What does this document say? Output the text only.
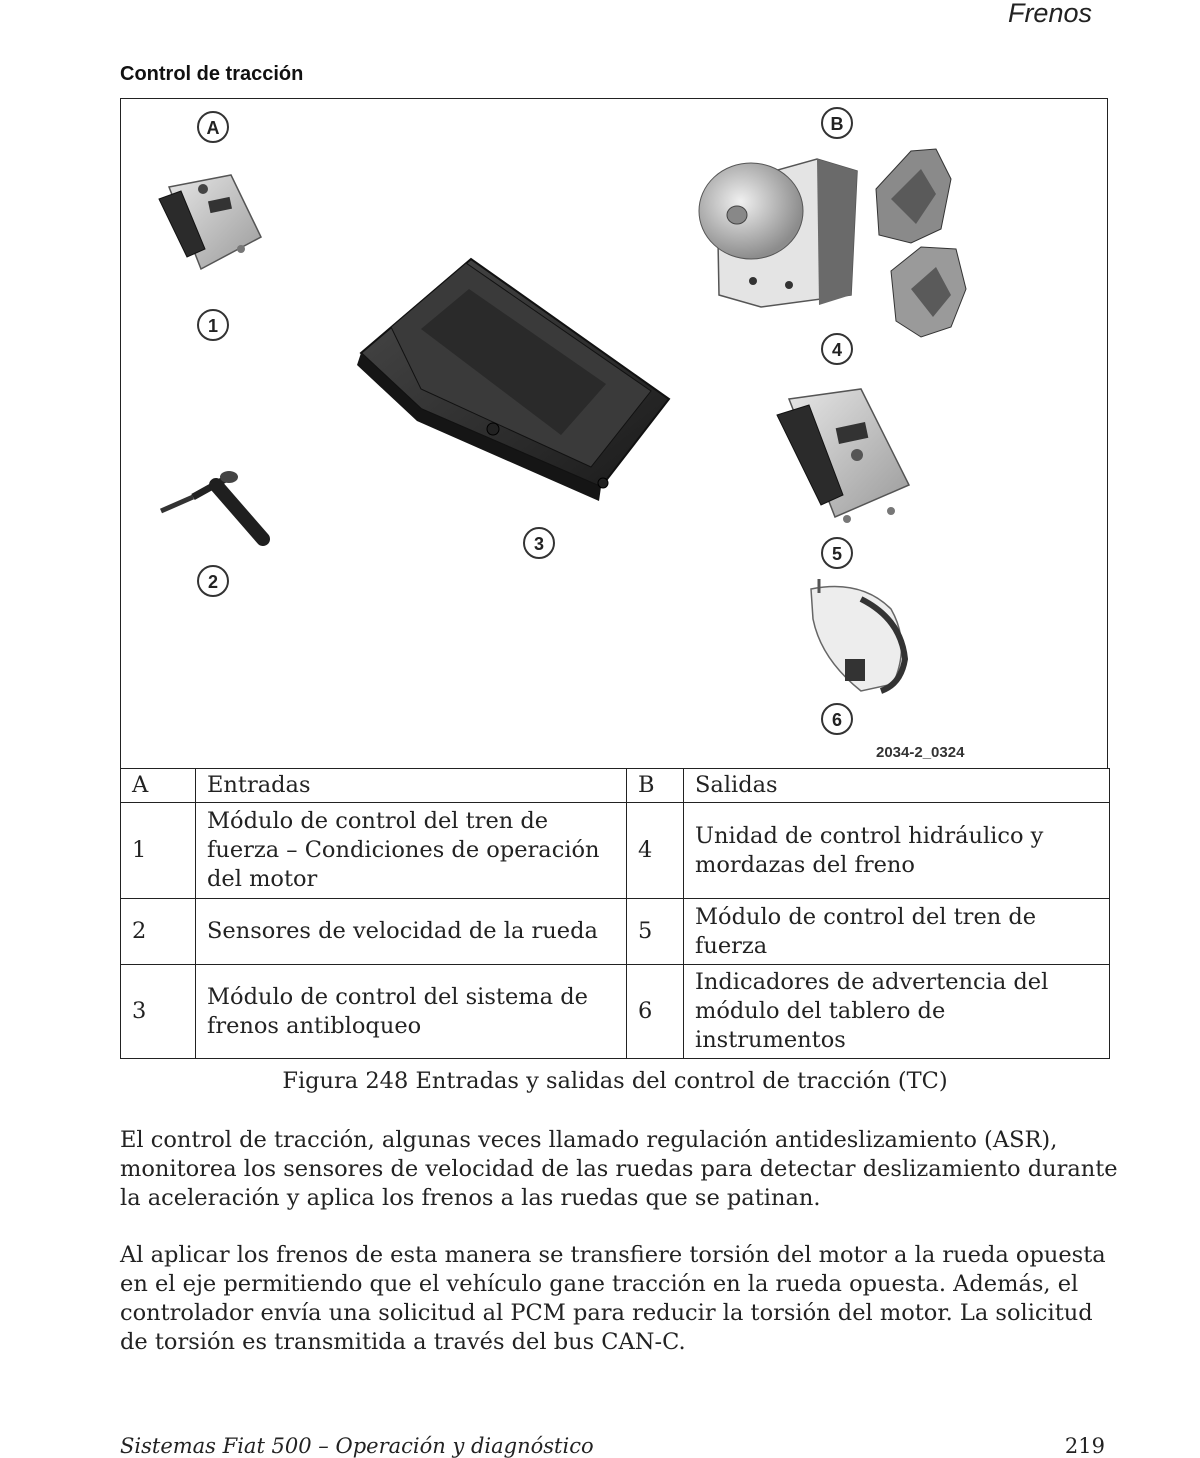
Frenos
Control de tracción
A	B
1
2
3
4
5
6
2034-2_0324
A	Entradas	B	Salidas
1	Módulo de control del tren de fuerza – Condiciones de operación del motor	4	Unidad de control hidráulico y mordazas del freno
2	Sensores de velocidad de la rueda	5	Módulo de control del tren de fuerza
3	Módulo de control del sistema de frenos antibloqueo	6	Indicadores de advertencia del módulo del tablero de instrumentos
Figura 248 Entradas y salidas del control de tracción (TC)

El control de tracción, algunas veces llamado regulación antideslizamiento (ASR), monitorea los sensores de velocidad de las ruedas para detectar deslizamiento durante la aceleración y aplica los frenos a las ruedas que se patinan.

Al aplicar los frenos de esta manera se transfiere torsión del motor a la rueda opuesta en el eje permitiendo que el vehículo gane tracción en la rueda opuesta. Además, el controlador envía una solicitud al PCM para reducir la torsión del motor. La solicitud de torsión es transmitida a través del bus CAN-C.

Sistemas Fiat 500 – Operación y diagnóstico	219
